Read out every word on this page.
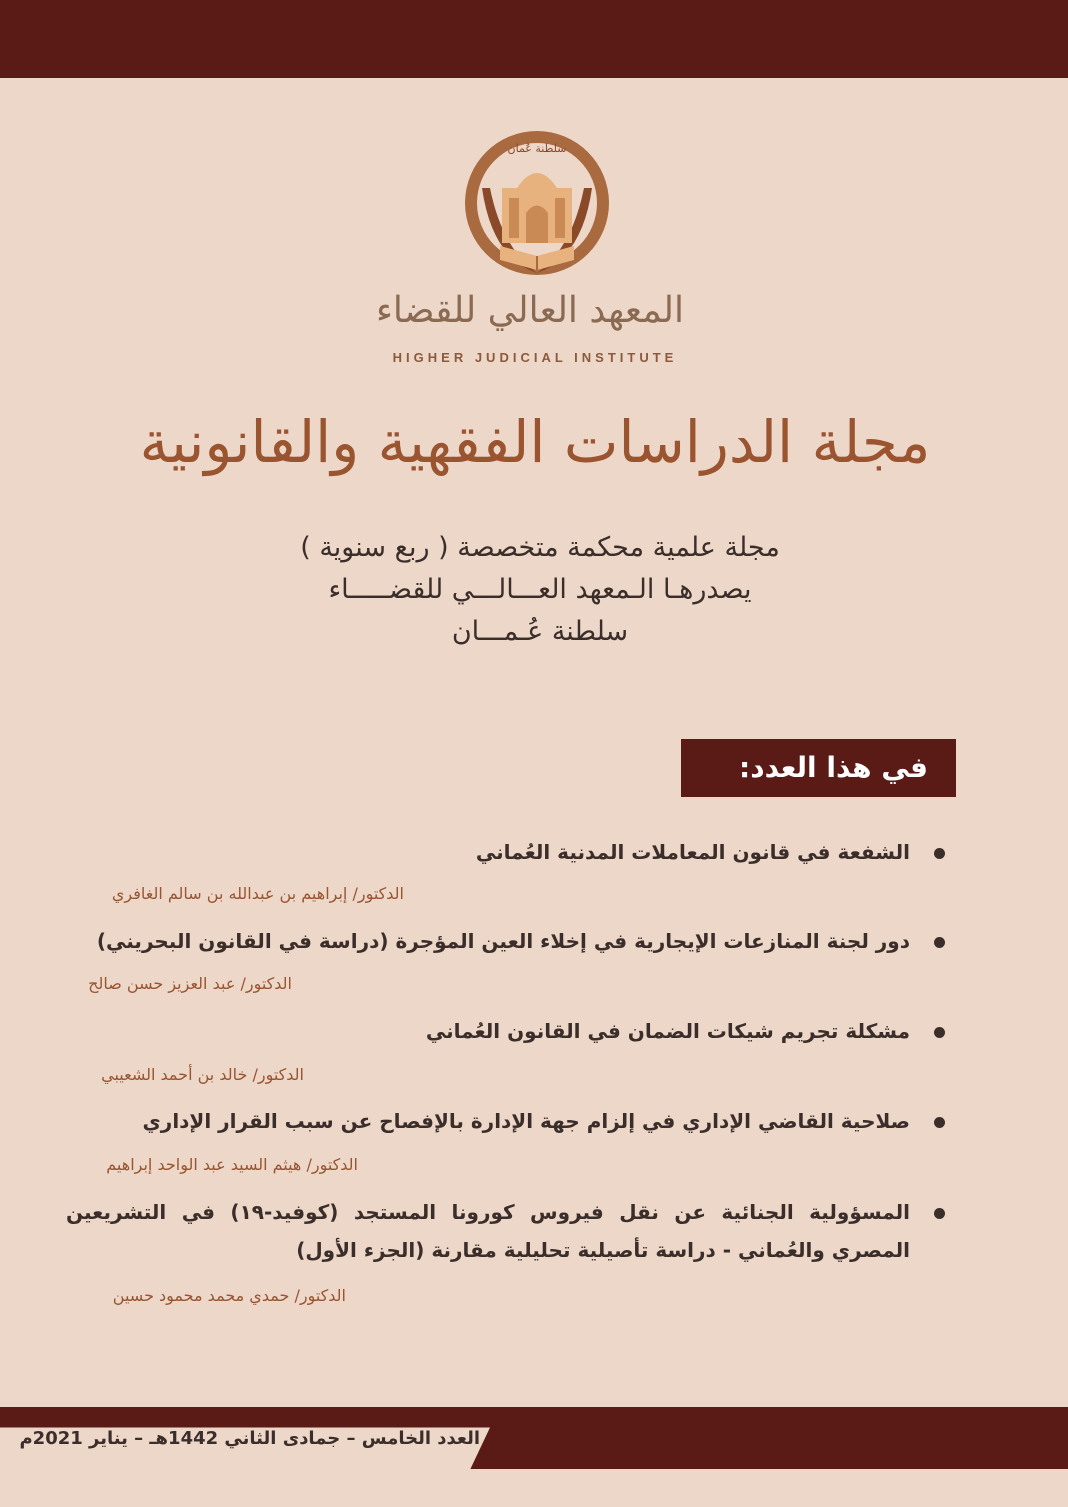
سلطنة عُمان
المعهد العالي للقضاء
HIGHER JUDICIAL INSTITUTE
مجلة الدراسات الفقهية والقانونية
مجلة علمية محكمة متخصصة ( ربع سنوية )
يصدرهـا الـمعهد العـــالـــي للقضـــــاء
سلطنة عُـمـــان
في هذا العدد:
الشفعة في قانون المعاملات المدنية العُماني
الدكتور/ إبراهيم بن عبدالله بن سالم الغافري
دور لجنة المنازعات الإيجارية في إخلاء العين المؤجرة (دراسة في القانون البحريني)
الدكتور/ عبد العزيز حسن صالح
مشكلة تجريم شيكات الضمان في القانون العُماني
الدكتور/ خالد بن أحمد الشعيبي
صلاحية القاضي الإداري في إلزام جهة الإدارة بالإفصاح عن سبب القرار الإداري
الدكتور/ هيثم السيد عبد الواحد إبراهيم
المسؤولية الجنائية عن نقل فيروس كورونا المستجد (كوفيد-١٩) في التشريعين المصري والعُماني - دراسة تأصيلية تحليلية مقارنة (الجزء الأول)
الدكتور/ حمدي محمد محمود حسين
العدد الخامس – جمادى الثاني 1442هـ – يناير 2021م
